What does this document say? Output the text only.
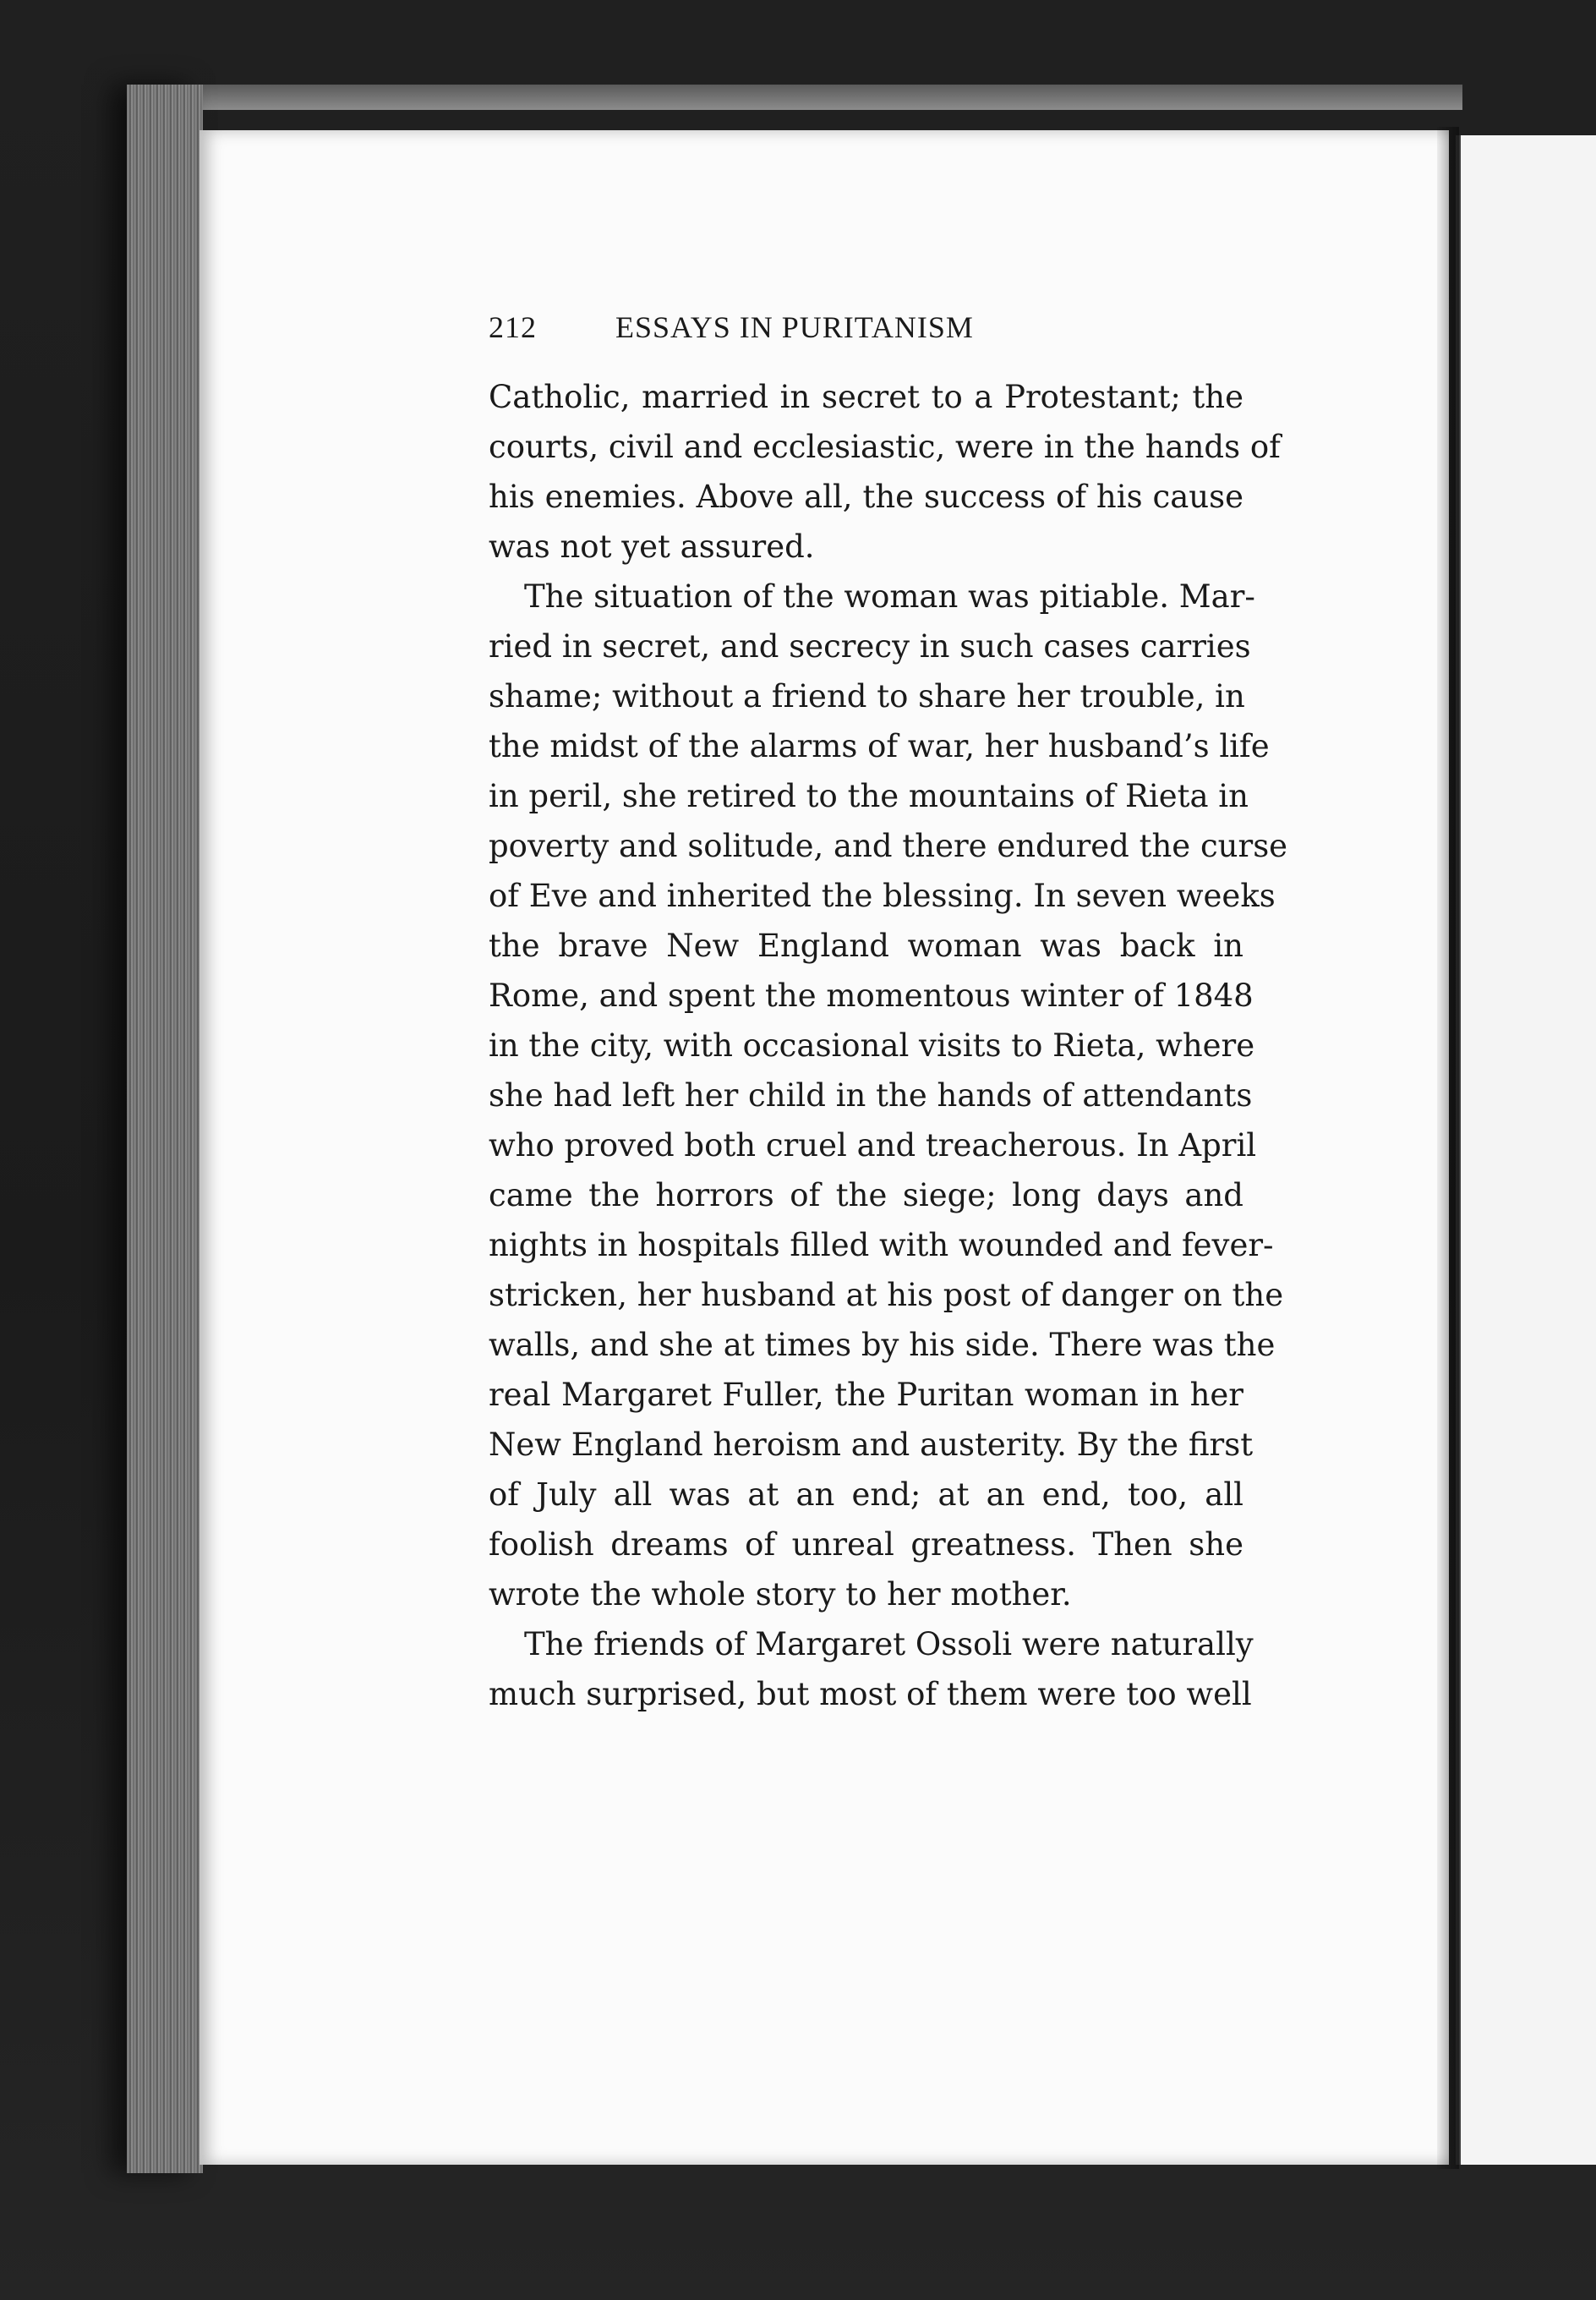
212	ESSAYS IN PURITANISM
Catholic, married in secret to a Protestant; the
courts, civil and ecclesiastic, were in the hands of
his enemies. Above all, the success of his cause
was not yet assured.
The situation of the woman was pitiable. Mar-
ried in secret, and secrecy in such cases carries
shame; without a friend to share her trouble, in
the midst of the alarms of war, her husband’s life
in peril, she retired to the mountains of Rieta in
poverty and solitude, and there endured the curse
of Eve and inherited the blessing. In seven weeks
the brave New England woman was back in
Rome, and spent the momentous winter of 1848
in the city, with occasional visits to Rieta, where
she had left her child in the hands of attendants
who proved both cruel and treacherous. In April
came the horrors of the siege; long days and
nights in hospitals filled with wounded and fever-
stricken, her husband at his post of danger on the
walls, and she at times by his side. There was the
real Margaret Fuller, the Puritan woman in her
New England heroism and austerity. By the first
of July all was at an end; at an end, too, all
foolish dreams of unreal greatness. Then she
wrote the whole story to her mother.
The friends of Margaret Ossoli were naturally
much surprised, but most of them were too well
